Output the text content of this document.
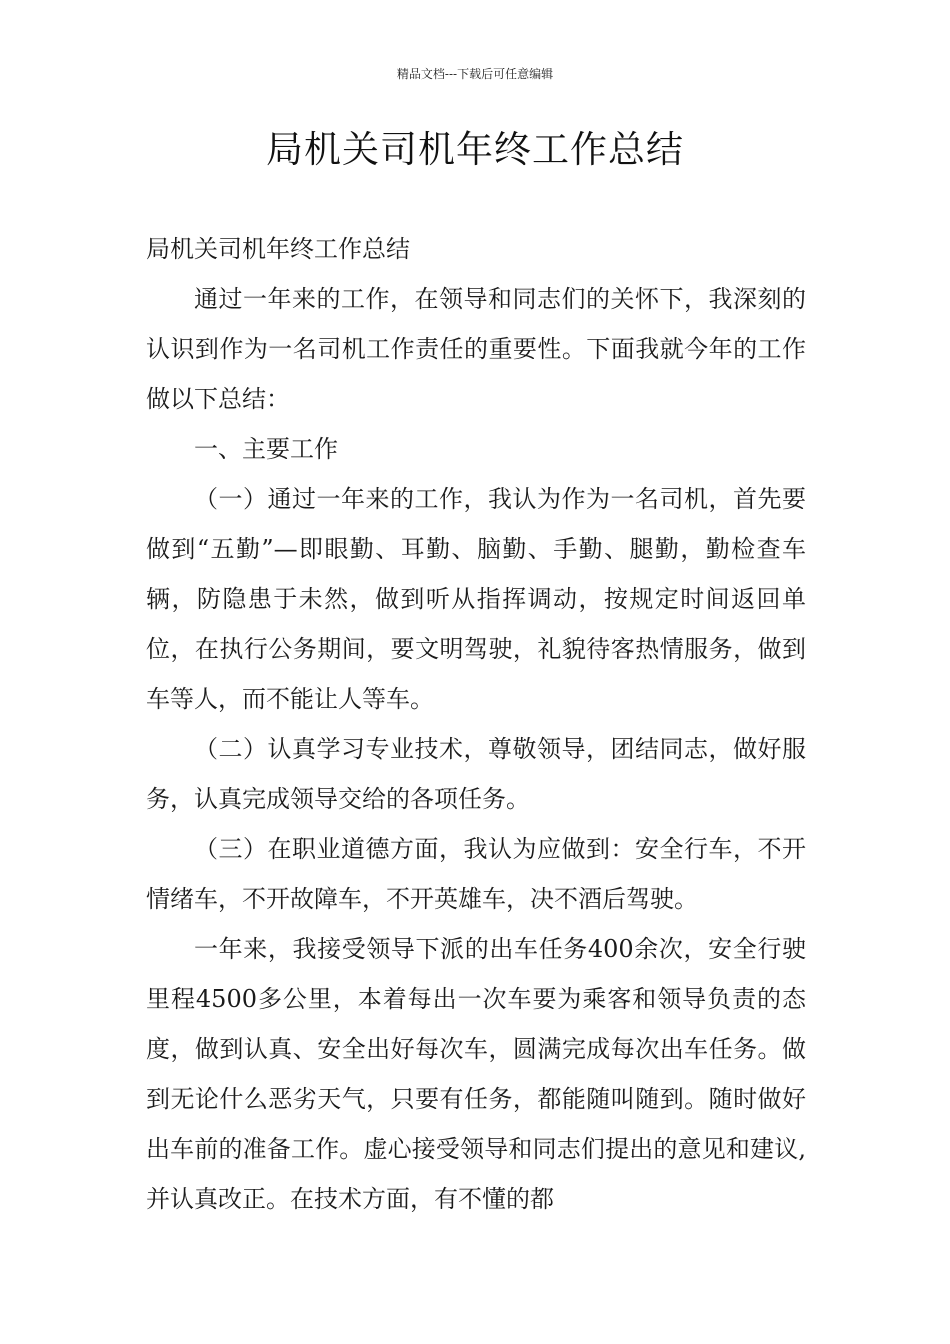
精品文档---下载后可任意编辑
局机关司机年终工作总结

局机关司机年终工作总结

通过一年来的工作，在领导和同志们的关怀下，我深刻的认识到作为一名司机工作责任的重要性。下面我就今年的工作做以下总结：

一、主要工作

（一）通过一年来的工作，我认为作为一名司机，首先要做到“五勤”—即眼勤、耳勤、脑勤、手勤、腿勤，勤检查车辆，防隐患于未然，做到听从指挥调动，按规定时间返回单位，在执行公务期间，要文明驾驶，礼貌待客热情服务，做到车等人，而不能让人等车。

（二）认真学习专业技术，尊敬领导，团结同志，做好服务，认真完成领导交给的各项任务。

（三）在职业道德方面，我认为应做到：安全行车，不开情绪车，不开故障车，不开英雄车，决不酒后驾驶。

一年来，我接受领导下派的出车任务400余次，安全行驶里程4500多公里，本着每出一次车要为乘客和领导负责的态度，做到认真、安全出好每次车，圆满完成每次出车任务。做到无论什么恶劣天气，只要有任务，都能随叫随到。随时做好出车前的准备工作。虚心接受领导和同志们提出的意见和建议,并认真改正。在技术方面，有不懂的都
